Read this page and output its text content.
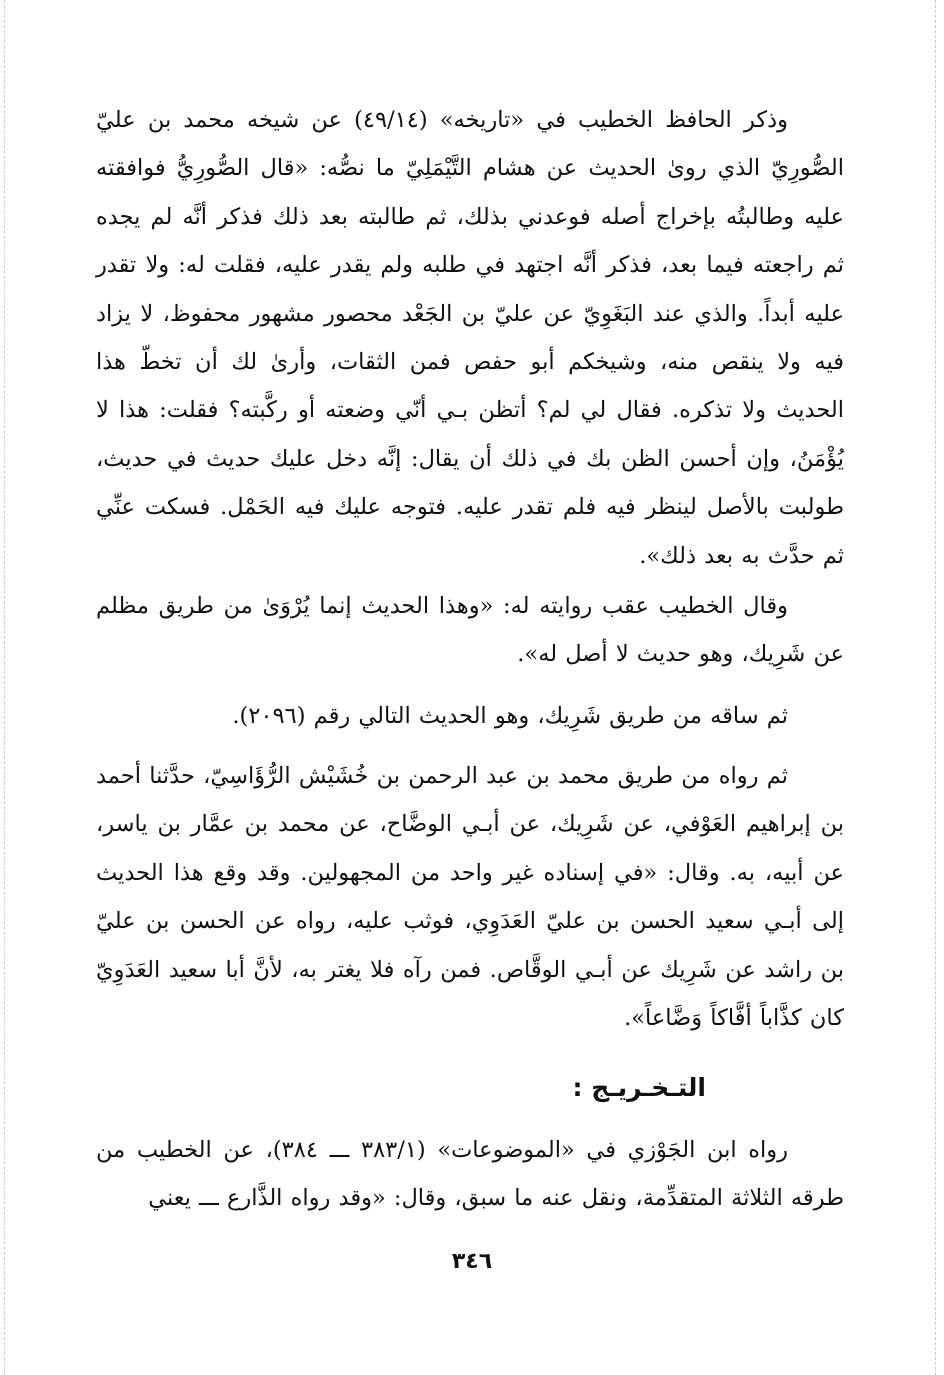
وذكر الحافظ الخطيب في «تاريخه» (٤٩/١٤) عن شيخه محمد بن عليّ الصُّورِيّ الذي روىٰ الحديث عن هشام التَّيْمَلِيّ ما نصُّه: «قال الصُّورِيُّ فوافقته عليه وطالبتُه بإخراج أصله فوعدني بذلك، ثم طالبته بعد ذلك فذكر أنَّه لم يجده ثم راجعته فيما بعد، فذكر أنَّه اجتهد في طلبه ولم يقدر عليه، فقلت له: ولا تقدر عليه أبداً. والذي عند البَغَوِيّ عن عليّ بن الجَعْد محصور مشهور محفوظ، لا يزاد فيه ولا ينقص منه، وشيخكم أبو حفص فمن الثقات، وأرىٰ لك أن تخطّ هذا الحديث ولا تذكره. فقال لي لم؟ أتظن بـي أنّي وضعته أو ركَّبته؟ فقلت: هذا لا يُؤْمَنُ، وإن أحسن الظن بك في ذلك أن يقال: إنَّه دخل عليك حديث في حديث، طولبت بالأصل لينظر فيه فلم تقدر عليه. فتوجه عليك فيه الحَمْل. فسكت عنِّي ثم حدَّث به بعد ذلك».

وقال الخطيب عقب روايته له: «وهذا الحديث إنما يُرْوَىٰ من طريق مظلم عن شَرِيك، وهو حديث لا أصل له».

ثم ساقه من طريق شَرِيك، وهو الحديث التالي رقم (٢٠٩٦).

ثم رواه من طريق محمد بن عبد الرحمن بن خُشَيْش الرُّؤَاسِيّ، حدَّثنا أحمد بن إبراهيم العَوْفي، عن شَرِيك، عن أبـي الوضَّاح، عن محمد بن عمَّار بن ياسر، عن أبيه، به. وقال: «في إسناده غير واحد من المجهولين. وقد وقع هذا الحديث إلى أبـي سعيد الحسن بن عليّ العَدَوِي، فوثب عليه، رواه عن الحسن بن عليّ بن راشد عن شَرِيك عن أبـي الوقَّاص. فمن رآه فلا يغتر به، لأنَّ أبا سعيد العَدَوِيّ كان كذَّاباً أفَّاكاً وَضَّاعاً».

التـخـريـج :

رواه ابن الجَوْزي في «الموضوعات» (٣٨٣/١ ـــ ٣٨٤)، عن الخطيب من طرقه الثلاثة المتقدِّمة، ونقل عنه ما سبق، وقال: «وقد رواه الذَّارع ـــ يعني

٣٤٦
